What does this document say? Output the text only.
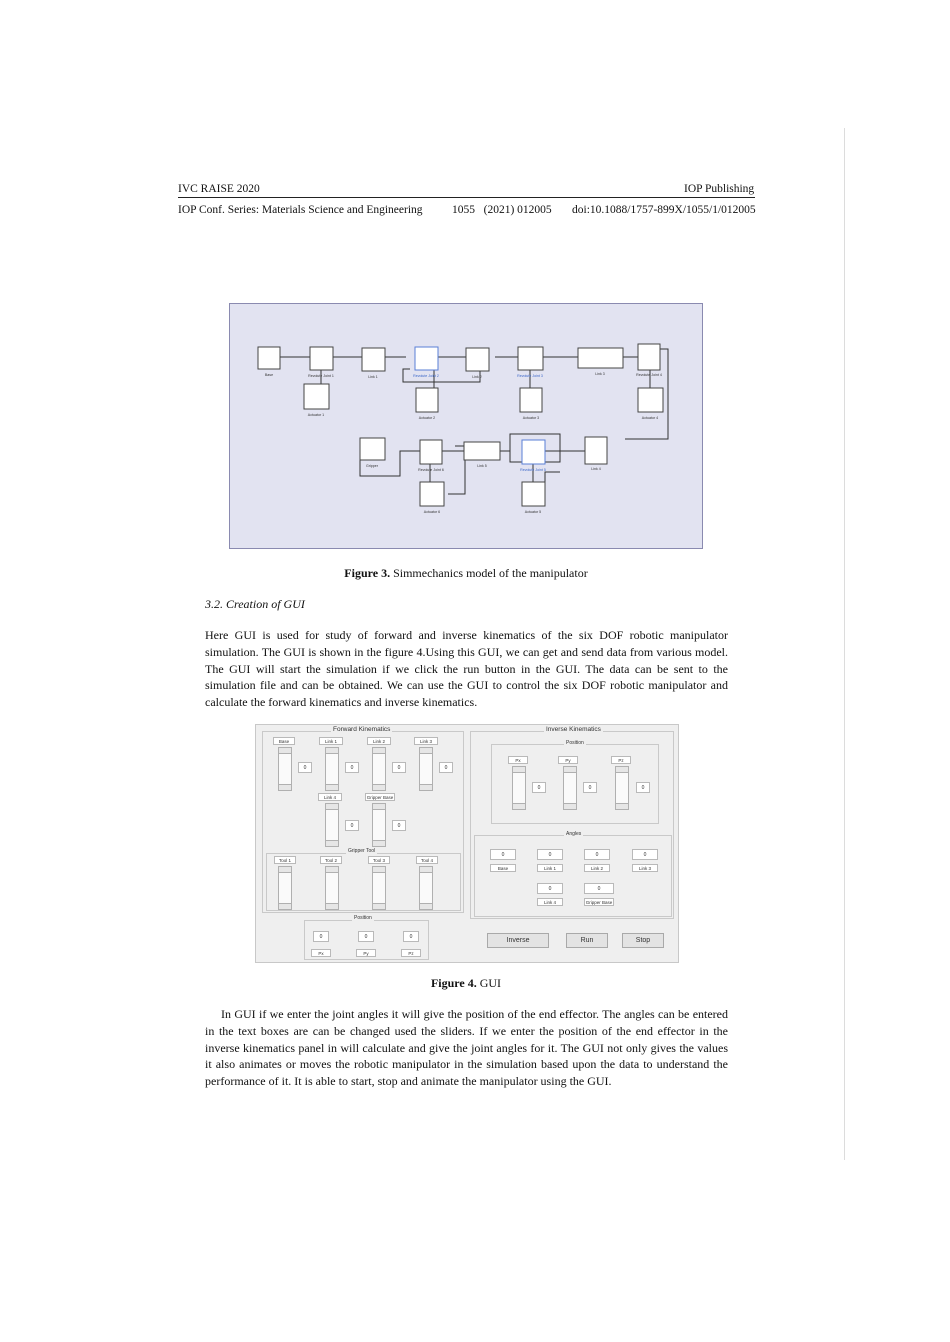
IVC RAISE 2020	IOP Publishing
IOP Conf. Series: Materials Science and Engineering	1055   (2021) 012005 doi:10.1088/1757-899X/1055/1/012005
Base	Revolute Joint 1	Link 1	Revolute Joint 2	Link 2	Revolute Joint 3	Link 3	Revolute Joint 4
Actuator 1
Actuator 2	Actuator 3	Actuator 4
Gripper
Revolute Joint 6
Link 5
Revolute Joint 5	Link 4
Actuator 6	Actuator 5
Figure 3. Simmechanics model of the manipulator
3.2. Creation of GUI

Here GUI is used for study of forward and inverse kinematics of the six DOF robotic manipulator simulation. The GUI is shown in the figure 4.Using this GUI, we can get and send data from various model. The GUI will start the simulation if we click the run button in the GUI. The data can be sent to the simulation file and can be obtained. We can use the GUI to control the six DOF robotic manipulator and calculate the forward kinematics and inverse kinematics.

Forward Kinematics
Base
0
Link 1
0
Link 2
0
Link 3
0
Link 4
0
Gripper Base
0
Gripper Tool
Tool 1	Tool 2	Tool 3	Tool 4
Position
0	0	0
Px	Py	Pz
Inverse Kinematics
Position
Px
0
Py
0
Pz
0
Angles
0
Base
0
Link 1
0
Link 2
0
Link 3
0
Link 4
0
Gripper Base
Inverse	Run	Stop
Figure 4. GUI

In GUI if we enter the joint angles it will give the position of the end effector. The angles can be entered in the text boxes are can be changed used the sliders. If we enter the position of the end effector in the inverse kinematics panel in will calculate and give the joint angles for it. The GUI not only gives the values it also animates or moves the robotic manipulator in the simulation based upon the data to understand the performance of it. It is able to start, stop and animate the manipulator using the GUI.
